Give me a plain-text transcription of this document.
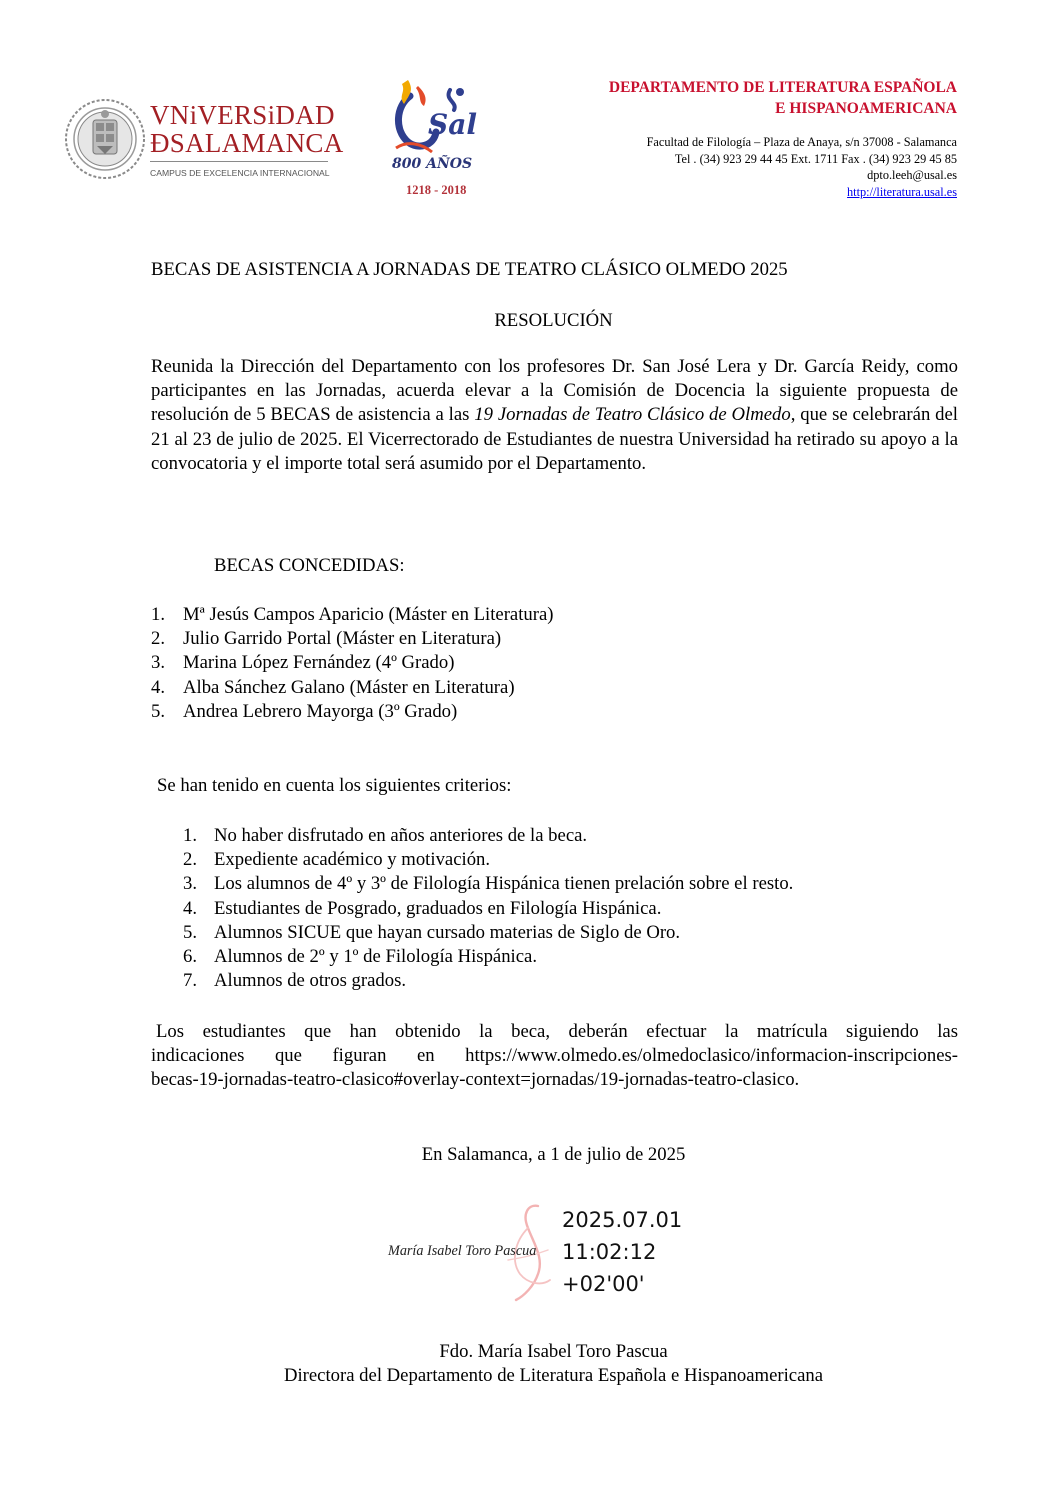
VNiVERSiDAD
ÐSALAMANCA
CAMPUS DE EXCELENCIA INTERNACIONAL
Sal
800 AÑOS
1218 - 2018
DEPARTAMENTO DE LITERATURA ESPAÑOLA
E HISPANOAMERICANA
Facultad de Filología – Plaza de Anaya, s/n 37008 - Salamanca
Tel . (34) 923 29 44 45 Ext. 1711 Fax . (34) 923 29 45 85
dpto.leeh@usal.es
http://literatura.usal.es
BECAS DE ASISTENCIA A JORNADAS DE TEATRO CLÁSICO OLMEDO 2025
RESOLUCIÓN
Reunida la Dirección del Departamento con los profesores Dr. San José Lera y Dr. García Reidy, como participantes en las Jornadas, acuerda elevar a la Comisión de Docencia la siguiente propuesta de resolución de 5 BECAS de asistencia a las 19 Jornadas de Teatro Clásico de Olmedo, que se celebrarán del 21 al 23 de julio de 2025. El Vicerrectorado de Estudiantes de nuestra Universidad ha retirado su apoyo a la convocatoria y el importe total será asumido por el Departamento.
BECAS CONCEDIDAS:
1. Mª Jesús Campos Aparicio (Máster en Literatura)
2. Julio Garrido Portal (Máster en Literatura)
3. Marina López Fernández (4º Grado)
4. Alba Sánchez Galano (Máster en Literatura)
5. Andrea Lebrero Mayorga (3º Grado)
Se han tenido en cuenta los siguientes criterios:
1. No haber disfrutado en años anteriores de la beca.
2. Expediente académico y motivación.
3. Los alumnos de 4º y 3º de Filología Hispánica tienen prelación sobre el resto.
4. Estudiantes de Posgrado, graduados en Filología Hispánica.
5. Alumnos SICUE que hayan cursado materias de Siglo de Oro.
6. Alumnos de 2º y 1º de Filología Hispánica.
7. Alumnos de otros grados.
Los estudiantes que han obtenido la beca, deberán efectuar la matrícula siguiendo las
indicaciones que figuran en https://www.olmedo.es/olmedoclasico/informacion-inscripciones-
becas-19-jornadas-teatro-clasico#overlay-context=jornadas/19-jornadas-teatro-clasico.
En Salamanca, a 1 de julio de 2025
María Isabel Toro Pascua
2025.07.01
11:02:12
+02'00'
Fdo. María Isabel Toro Pascua
Directora del Departamento de Literatura Española e Hispanoamericana
